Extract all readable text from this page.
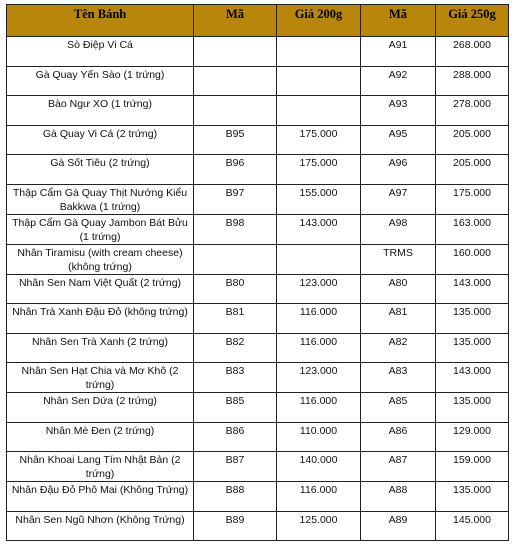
Tên Bánh	Mã	Giá 200g	Mã	Giá 250g
Sò Điệp Vi Cá			A91	268.000
Gà Quay Yến Sào (1 trứng)			A92	288.000
Bào Ngư XO (1 trứng)			A93	278.000
Gà Quay Vi Cá (2 trứng)	B95	175.000	A95	205.000
Gà Sốt Tiêu (2 trứng)	B96	175.000	A96	205.000
Thập Cẩm Gà Quay Thịt Nướng Kiểu Bakkwa (1 trứng)	B97	155.000	A97	175.000
Thập Cẩm Gà Quay Jambon Bát Bửu (1 trứng)	B98	143.000	A98	163.000
Nhân Tiramisu (with cream cheese) (không trứng)			TRMS	160.000
Nhân Sen Nam Việt Quất (2 trứng)	B80	123.000	A80	143.000
Nhân Trà Xanh Đậu Đỏ (không trứng)	B81	116.000	A81	135.000
Nhân Sen Trà Xanh (2 trứng)	B82	116.000	A82	135.000
Nhân Sen Hạt Chia và Mơ Khô (2 trứng)	B83	123.000	A83	143.000
Nhân Sen Dứa (2 trứng)	B85	116.000	A85	135.000
Nhân Mè Đen (2 trứng)	B86	110.000	A86	129.000
Nhân Khoai Lang Tím Nhật Bản (2 trứng)	B87	140.000	A87	159.000
Nhân Đậu Đỏ Phô Mai (Không Trứng)	B88	116.000	A88	135.000
Nhân Sen Ngũ Nhơn (Không Trứng)	B89	125.000	A89	145.000
